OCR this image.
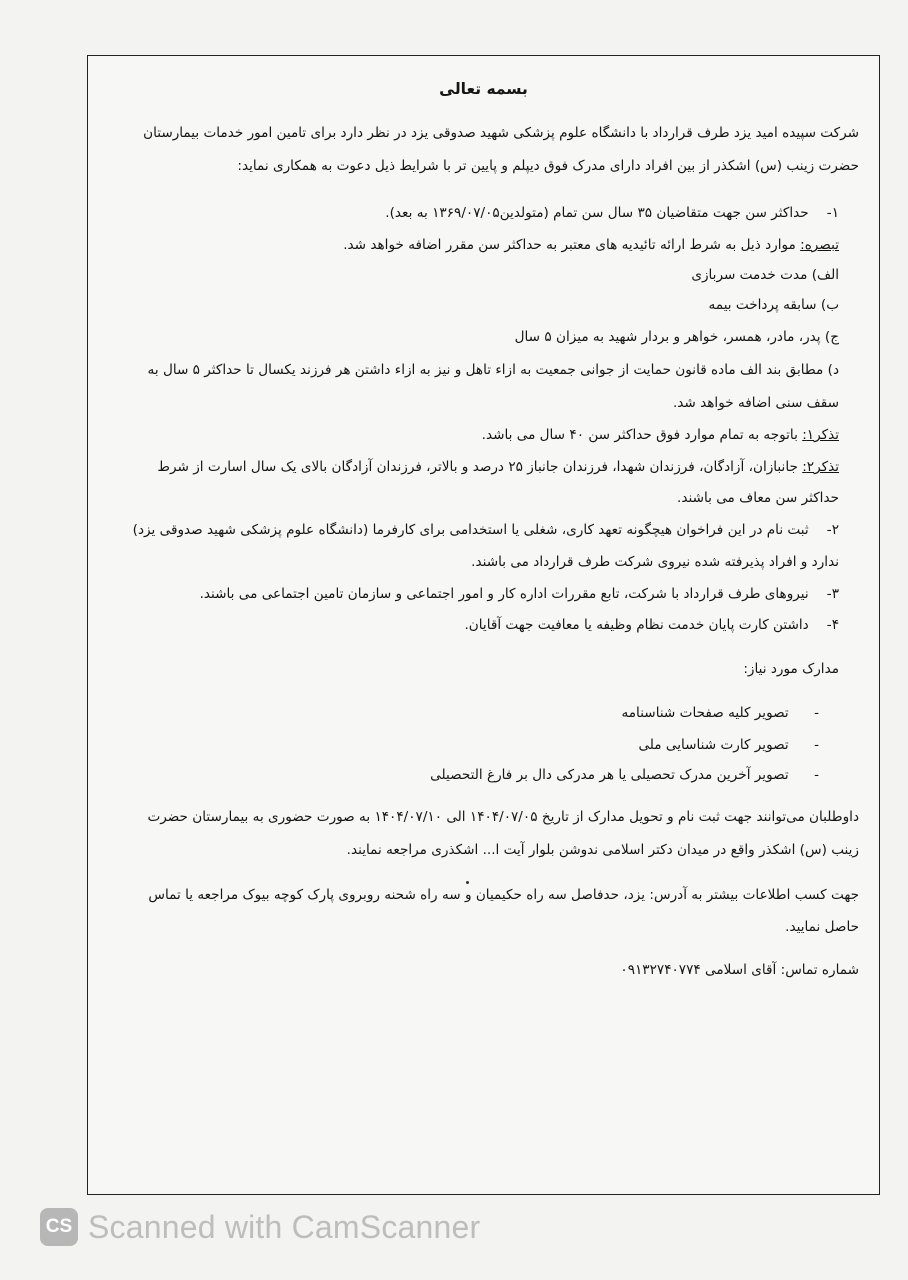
بسمه تعالی
شرکت سپیده امید یزد طرف قرارداد با دانشگاه علوم پزشکی شهید صدوقی یزد در نظر دارد برای تامین امور خدمات بیمارستان
حضرت زینب (س) اشکذر از بین افراد دارای مدرک فوق دیپلم و پایین تر با شرایط ذیل دعوت به همکاری نماید:
۱- حداکثر سن جهت متقاضیان ۳۵ سال سن تمام (متولدین۱۳۶۹/۰۷/۰۵ به بعد).
تبصره: موارد ذیل به شرط ارائه تائیدیه های معتبر به حداکثر سن مقرر اضافه خواهد شد.
الف) مدت خدمت سربازی
ب) سابقه پرداخت بیمه
ج) پدر، مادر، همسر، خواهر و بردار شهید به میزان ۵ سال
د) مطابق بند الف ماده قانون حمایت از جوانی جمعیت به ازاء تاهل و نیز به ازاء داشتن هر فرزند یکسال تا حداکثر ۵ سال به
سقف سنی اضافه خواهد شد.
تذکر۱: باتوجه به تمام موارد فوق حداکثر سن ۴۰ سال می باشد.
تذکر۲: جانبازان، آزادگان، فرزندان شهدا، فرزندان جانباز ۲۵ درصد و بالاتر، فرزندان آزادگان بالای یک سال اسارت از شرط
حداکثر سن معاف می باشند.
۲- ثبت نام در این فراخوان هیچگونه تعهد کاری، شغلی یا استخدامی برای کارفرما (دانشگاه علوم پزشکی شهید صدوقی یزد)
ندارد و افراد پذیرفته شده نیروی شرکت طرف قرارداد می باشند.
۳- نیروهای طرف قرارداد با شرکت، تابع مقررات اداره کار و امور اجتماعی و سازمان تامین اجتماعی می باشند.
۴- داشتن کارت پایان خدمت نظام وظیفه یا معافیت جهت آقایان.
مدارک مورد نیاز:
- تصویر کلیه صفحات شناسنامه
- تصویر کارت شناسایی ملی
- تصویر آخرین مدرک تحصیلی یا هر مدرکی دال بر فارغ التحصیلی
داوطلبان می‌توانند جهت ثبت نام و تحویل مدارک از تاریخ ۱۴۰۴/۰۷/۰۵ الی ۱۴۰۴/۰۷/۱۰ به صورت حضوری به بیمارستان حضرت
زینب (س) اشکذر واقع در میدان دکتر اسلامی ندوشن بلوار آیت ا... اشکذری مراجعه نمایند.
جهت کسب اطلاعات بیشتر به آدرس: یزد، حدفاصل سه راه حکیمیان و سه راه شحنه روبروی پارک کوچه بیوک مراجعه یا تماس
حاصل نمایید.
شماره تماس: آقای اسلامی ۰۹۱۳۲۷۴۰۷۷۴
CS Scanned with CamScanner
